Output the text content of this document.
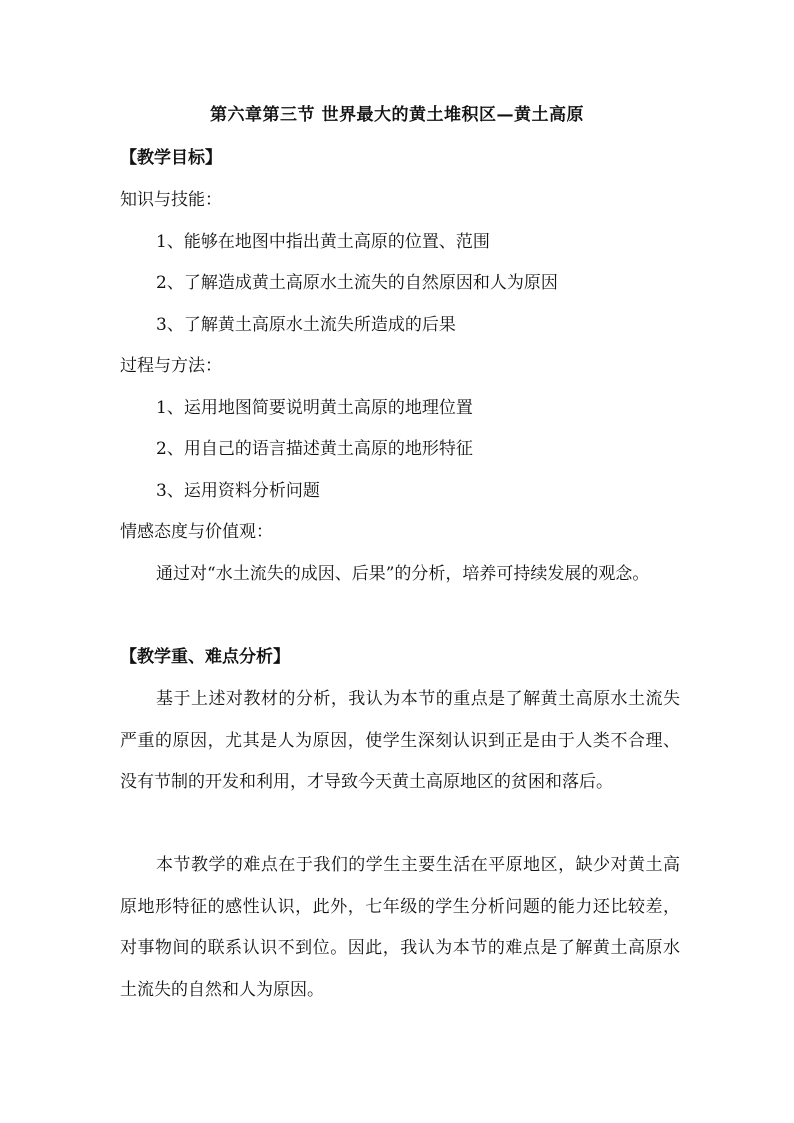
第六章第三节 世界最大的黄土堆积区—黄土高原
【教学目标】
知识与技能：
1、能够在地图中指出黄土高原的位置、范围
2、了解造成黄土高原水土流失的自然原因和人为原因
3、了解黄土高原水土流失所造成的后果
过程与方法：
1、运用地图简要说明黄土高原的地理位置
2、用自己的语言描述黄土高原的地形特征
3、运用资料分析问题
情感态度与价值观：
通过对“水土流失的成因、后果”的分析，培养可持续发展的观念。
【教学重、难点分析】
基于上述对教材的分析，我认为本节的重点是了解黄土高原水土流失严重的原因，尤其是人为原因，使学生深刻认识到正是由于人类不合理、没有节制的开发和利用，才导致今天黄土高原地区的贫困和落后。
本节教学的难点在于我们的学生主要生活在平原地区，缺少对黄土高原地形特征的感性认识，此外，七年级的学生分析问题的能力还比较差，对事物间的联系认识不到位。因此，我认为本节的难点是了解黄土高原水土流失的自然和人为原因。
